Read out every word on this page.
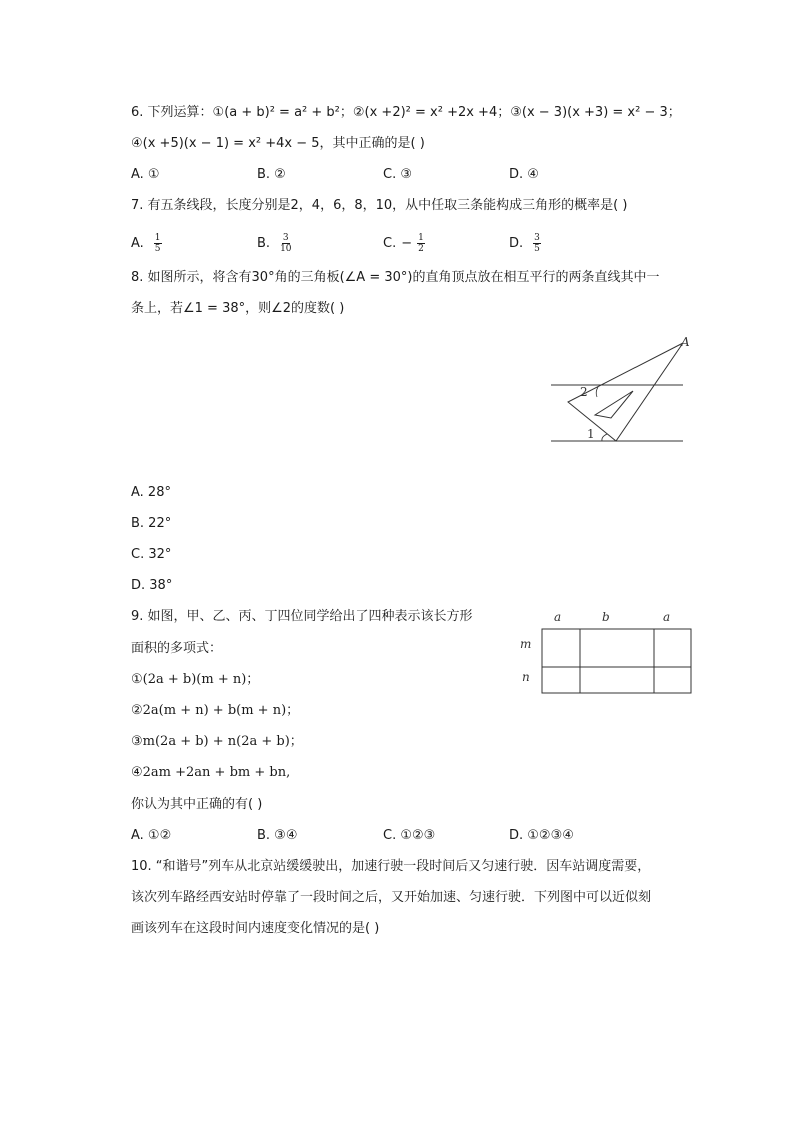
6. 下列运算：①(a + b)² = a² + b²；②(x +2)² = x² +2x +4；③(x − 3)(x +3) = x² − 3；
④(x +5)(x − 1) = x² +4x − 5，其中正确的是( )
A. ①	B. ②	C. ③	D. ④
7. 有五条线段，长度分别是2，4，6，8，10，从中任取三条能构成三角形的概率是( )
A. $\frac{1}{5}$	B. $\frac{3}{10}$	C. − $\frac{1}{2}$	D. $\frac{3}{5}$
8. 如图所示，将含有30°角的三角板(∠A = 30°)的直角顶点放在相互平行的两条直线其中一
条上，若∠1 = 38°，则∠2的度数( )
A
2
1
A. 28°
B. 22°
C. 32°
D. 38°
9. 如图，甲、乙、丙、丁四位同学给出了四种表示该长方形
面积的多项式：
①(2a + b)(m + n)；
②2a(m + n) + b(m + n)；
③m(2a + b) + n(2a + b)；
④2am +2an + bm + bn,
你认为其中正确的有( )
a	b	a
m
n
A. ①②	B. ③④	C. ①②③	D. ①②③④
10. “和谐号”列车从北京站缓缓驶出，加速行驶一段时间后又匀速行驶．因车站调度需要，
该次列车路经西安站时停靠了一段时间之后，又开始加速、匀速行驶．下列图中可以近似刻
画该列车在这段时间内速度变化情况的是( )
